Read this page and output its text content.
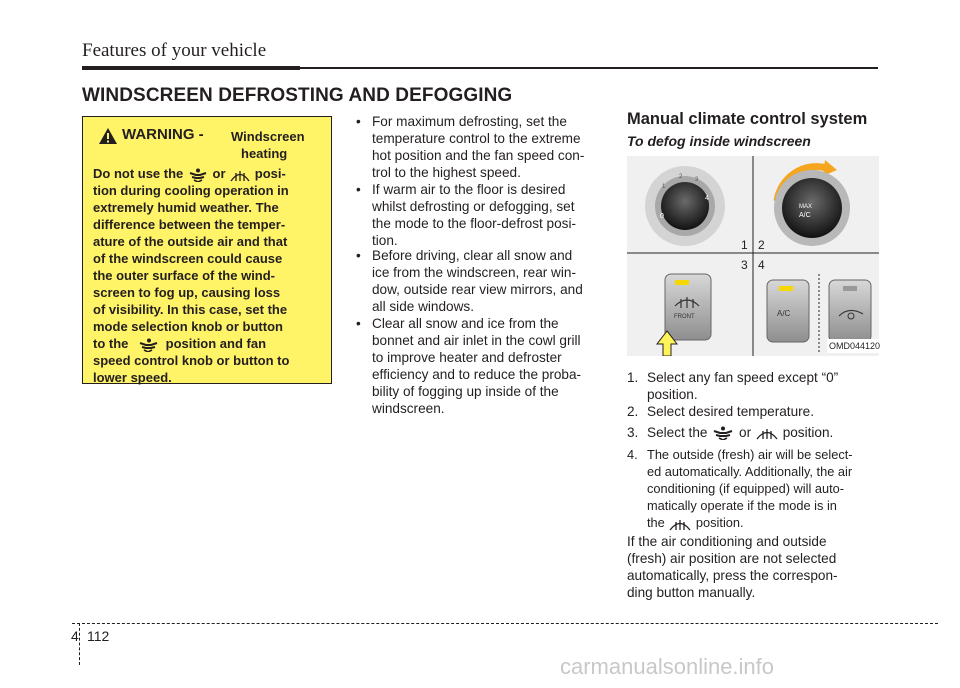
Features of your vehicle
WINDSCREEN DEFROSTING AND DEFOGGING
WARNING - Windscreen
heating
Do not use the or posi-
tion during cooling operation in
extremely humid weather. The
difference between the temper-
ature of the outside air and that
of the windscreen could cause
the outer surface of the wind-
screen to fog up, causing loss
of visibility. In this case, set the
mode selection knob or button
to the	position and fan
speed control knob or button to
lower speed.
• For maximum defrosting, set the
temperature control to the extreme
hot position and the fan speed con-
trol to the highest speed.
• If warm air to the floor is desired
whilst defrosting or defogging, set
the mode to the floor-defrost posi-
tion.
• Before driving, clear all snow and
ice from the windscreen, rear win-
dow, outside rear view mirrors, and
all side windows.
• Clear all snow and ice from the
bonnet and air inlet in the cowl grill
to improve heater and defroster
efficiency and to reduce the proba-
bility of fogging up inside of the
windscreen.
Manual climate control system
To defog inside windscreen
0
1
2 3
4
MAX
A/C
1 2
3 4
FRONT	A/C
OMD044120
1. Select any fan speed except “0”
position.
2. Select desired temperature.
3. Select the or position.
4. The outside (fresh) air will be select-
ed automatically. Additionally, the air
conditioning (if equipped) will auto-
matically operate if the mode is in
the position.
If the air conditioning and outside
(fresh) air position are not selected
automatically, press the correspon-
ding button manually.
4 112
carmanualsonline.info
